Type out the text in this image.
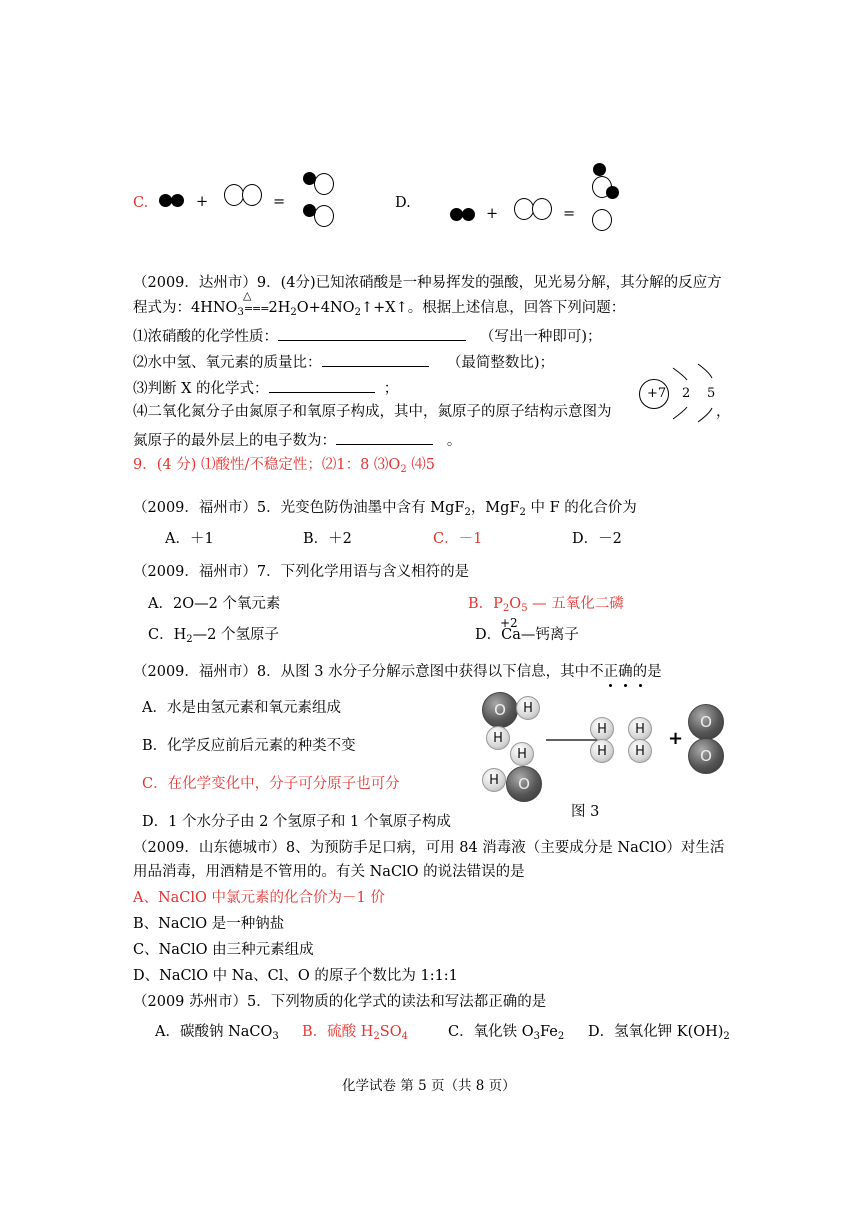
C.	+	=	D.
+	=
（2009．达州市）9．(4分)已知浓硝酸是一种易挥发的强酸，见光易分解，其分解的反应方
△
程式为：$4HNO_3===2H_2O+4NO_2↑+X↑$。根据上述信息，回答下列问题：
⑴浓硝酸的化学性质：	（写出一种即可)；
⑵水中氢、氧元素的质量比：	（最简整数比)；
⑶判断 X 的化学式：	；
⑷二氧化氮分子由氮原子和氧原子构成，其中，氮原子的原子结构示意图为	，
氮原子的最外层上的电子数为：	。
+7 2 5
9．(4 分) ⑴酸性/不稳定性；⑵1：8 $⑶O_2$ ⑷5
（2009．福州市）5．光变色防伪油墨中含有 MgF$_2$，MgF$_2$ 中 F 的化合价为
A．＋1	B．＋2	C．－1	D．－2
（2009．福州市）7．下列化学用语与含义相符的是
A．2O—2 个氧元素	B．$P_2O_5$ — 五氧化二磷
C．$H_2—2$ 个氢原子	D．Ca—钙离子
+2
（2009．福州市）8．从图 3 水分子分解示意图中获得以下信息，其中不正确的是
A．水是由氢元素和氧元素组成
B．化学反应前后元素的种类不变
C．在化学变化中，分子可分原子也可分
D．1 个水分子由 2 个氢原子和 1 个氧原子构成
O H
H
H
O
H
H
H
H
H
+
O
O
图 3
（2009．山东德城市）8、为预防手足口病，可用 84 消毒液（主要成分是 NaClO）对生活
用品消毒，用酒精是不管用的。有关 NaClO 的说法错误的是
A、NaClO 中氯元素的化合价为－1 价
B、NaClO 是一种钠盐
C、NaClO 由三种元素组成
D、NaClO 中 Na、Cl、O 的原子个数比为 1:1:1
（2009 苏州市）5．下列物质的化学式的读法和写法都正确的是
A．碳酸钠 NaCO$_3$ B．硫酸 $H_2SO_4$	C．氧化铁 $O_3Fe_2$ D．氢氧化钾 $K(OH)_2$
化学试卷 第 5 页（共 8 页）
